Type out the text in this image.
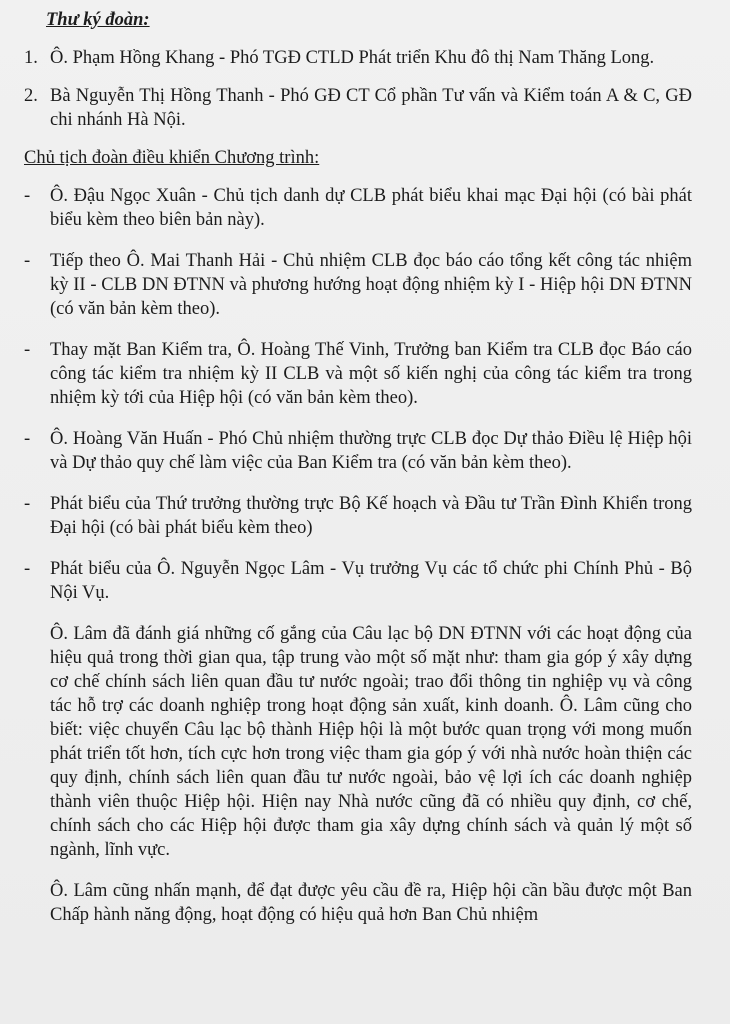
Thư ký đoàn:
1. Ô. Phạm Hồng Khang - Phó TGĐ CTLD Phát triển Khu đô thị Nam Thăng Long.
2. Bà Nguyễn Thị Hồng Thanh - Phó GĐ CT Cổ phần Tư vấn và Kiểm toán A & C, GĐ chi nhánh Hà Nội.
Chủ tịch đoàn điều khiển Chương trình:
-	Ô. Đậu Ngọc Xuân - Chủ tịch danh dự CLB phát biểu khai mạc Đại hội (có bài phát biểu kèm theo biên bản này).
-	Tiếp theo Ô. Mai Thanh Hải - Chủ nhiệm CLB đọc báo cáo tổng kết công tác nhiệm kỳ II - CLB DN ĐTNN và phương hướng hoạt động nhiệm kỳ I - Hiệp hội DN ĐTNN (có văn bản kèm theo).
-	Thay mặt Ban Kiểm tra, Ô. Hoàng Thế Vinh, Trưởng ban Kiểm tra CLB đọc Báo cáo công tác kiểm tra nhiệm kỳ II CLB và một số kiến nghị của công tác kiểm tra trong nhiệm kỳ tới của Hiệp hội (có văn bản kèm theo).
-	Ô. Hoàng Văn Huấn - Phó Chủ nhiệm thường trực CLB đọc Dự thảo Điều lệ Hiệp hội và Dự thảo quy chế làm việc của Ban Kiểm tra (có văn bản kèm theo).
-	Phát biểu của Thứ trưởng thường trực Bộ Kế hoạch và Đầu tư Trần Đình Khiển trong Đại hội (có bài phát biểu kèm theo)
-	Phát biểu của Ô. Nguyễn Ngọc Lâm - Vụ trưởng Vụ các tổ chức phi Chính Phủ - Bộ Nội Vụ.
Ô. Lâm đã đánh giá những cố gắng của Câu lạc bộ DN ĐTNN với các hoạt động của hiệu quả trong thời gian qua, tập trung vào một số mặt như: tham gia góp ý xây dựng cơ chế chính sách liên quan đầu tư nước ngoài; trao đổi thông tin nghiệp vụ và công tác hỗ trợ các doanh nghiệp trong hoạt động sản xuất, kinh doanh. Ô. Lâm cũng cho biết: việc chuyển Câu lạc bộ thành Hiệp hội là một bước quan trọng với mong muốn phát triển tốt hơn, tích cực hơn trong việc tham gia góp ý với nhà nước hoàn thiện các quy định, chính sách liên quan đầu tư nước ngoài, bảo vệ lợi ích các doanh nghiệp thành viên thuộc Hiệp hội. Hiện nay Nhà nước cũng đã có nhiều quy định, cơ chế, chính sách cho các Hiệp hội được tham gia xây dựng chính sách và quản lý một số ngành, lĩnh vực.
Ô. Lâm cũng nhấn mạnh, để đạt được yêu cầu đề ra, Hiệp hội cần bầu được một Ban Chấp hành năng động, hoạt động có hiệu quả hơn Ban Chủ nhiệm
